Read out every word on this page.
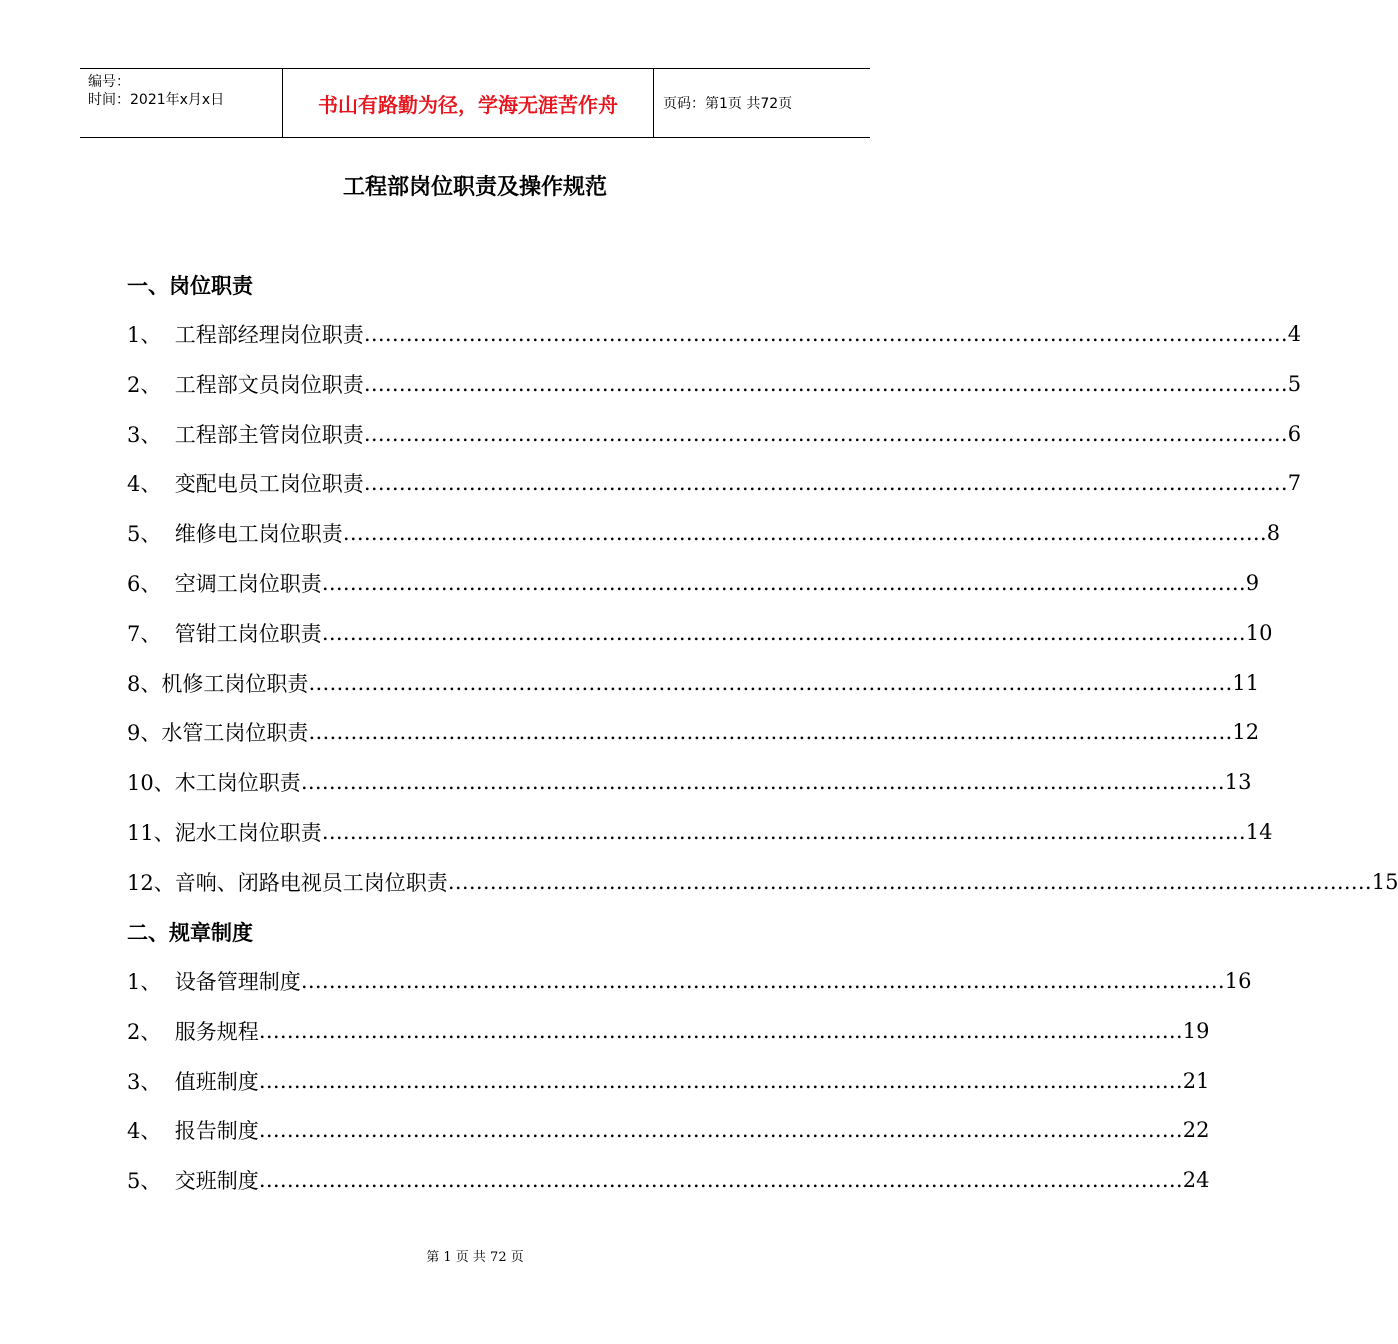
编号：
时间：2021年x月x日	书山有路勤为径，学海无涯苦作舟	页码：第1页 共72页
工程部岗位职责及操作规范
一、岗位职责
1、 工程部经理岗位职责 …………………………………………………………………………………………………………………… 4
2、 工程部文员岗位职责 …………………………………………………………………………………………………………………… 5
3、 工程部主管岗位职责 …………………………………………………………………………………………………………………… 6
4、 变配电员工岗位职责 …………………………………………………………………………………………………………………… 7
5、 维修电工岗位职责 …………………………………………………………………………………………………………………… 8
6、 空调工岗位职责 …………………………………………………………………………………………………………………… 9
7、 管钳工岗位职责 …………………………………………………………………………………………………………………… 10
8、 机修工岗位职责 …………………………………………………………………………………………………………………… 11
9、 水管工岗位职责 …………………………………………………………………………………………………………………… 12
10、 木工岗位职责 …………………………………………………………………………………………………………………… 13
11、 泥水工岗位职责 …………………………………………………………………………………………………………………… 14
12、 音响、闭路电视员工岗位职责 …………………………………………………………………………………………………………………… 15
二、规章制度
1、 设备管理制度 …………………………………………………………………………………………………………………… 16
2、 服务规程 …………………………………………………………………………………………………………………… 19
3、 值班制度 …………………………………………………………………………………………………………………… 21
4、 报告制度 …………………………………………………………………………………………………………………… 22
5、 交班制度 …………………………………………………………………………………………………………………… 24
第 1 页 共 72 页
